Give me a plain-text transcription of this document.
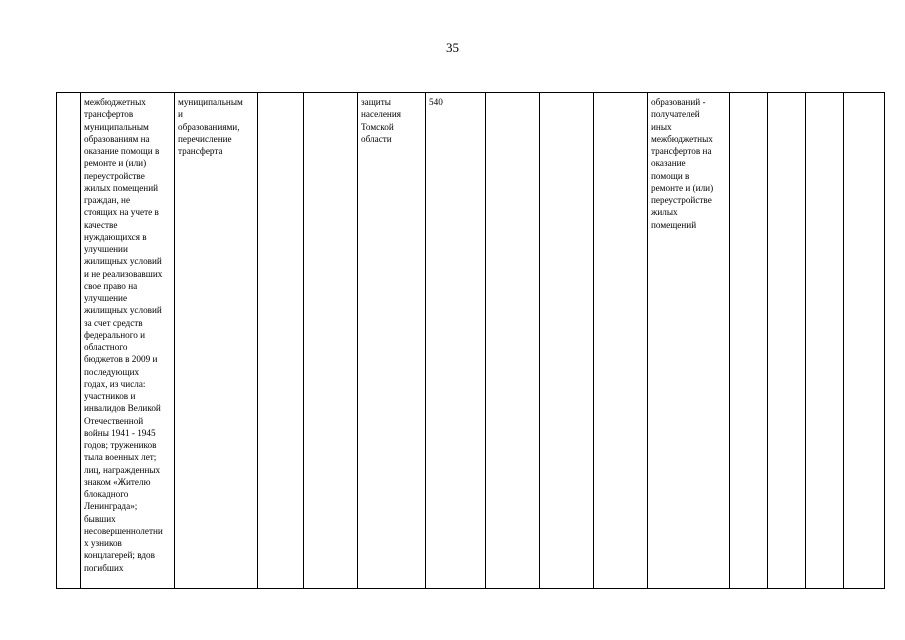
35
	межбюджетных
трансфертов
муниципальным
образованиям на
оказание помощи в
ремонте и (или)
переустройстве
жилых помещений
граждан, не
стоящих на учете в
качестве
нуждающихся в
улучшении
жилищных условий
и не реализовавших
свое право на
улучшение
жилищных условий
за счет средств
федерального и
областного
бюджетов в 2009 и
последующих
годах, из числа:
участников и
инвалидов Великой
Отечественной
войны 1941 - 1945
годов; тружеников
тыла военных лет;
лиц, награжденных
знаком «Жителю
блокадного
Ленинграда»;
бывших
несовершеннолетни
х узников
концлагерей; вдов
погибших	муниципальным
и
образованиями,
перечисление
трансферта			защиты
населения
Томской
области	540				образований -
получателей
иных
межбюджетных
трансфертов на
оказание
помощи в
ремонте и (или)
переустройстве
жилых
помещений				
